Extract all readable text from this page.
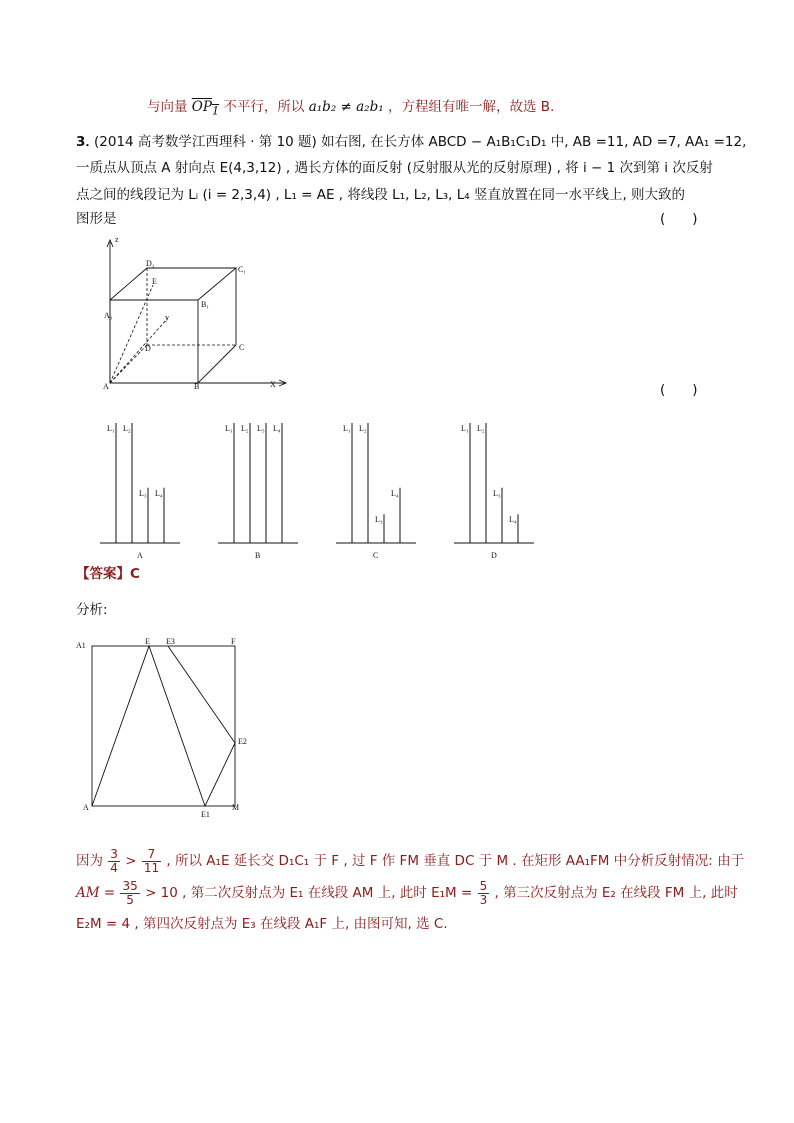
与向量 $OP_1$ 不平行，所以 a₁b₂ ≠ a₂b₁ ，方程组有唯一解，故选 B.
3．
(2014 高考数学江西理科 · 第 10 题) 如右图, 在长方体 ABCD − A₁B₁C₁D₁ 中, AB =11, AD =7, AA₁ =12,
一质点从顶点 A 射向点 E(4,3,12) , 遇长方体的面反射 (反射服从光的反射原理) , 将 i − 1 次到第 i 次反射
点之间的线段记为 Lᵢ (i = 2,3,4) , L₁ = AE , 将线段 L₁, L₂, L₃, L₄ 竖直放置在同一水平线上, 则大致的
图形是	(　　)
(　　)
z
y
X
A	B
C
D
E
A₁
B₁
C₁
D₁
L₁ L₂
L₃ L₄
A
L₁ L₂ L₃ L₄
B
L₁ L₂
L₃
L₄
C
L₁ L₂
L₃
L₄
D
【答案】C
分析:
A1	E E3	F
E2
A
E1
M
因为 $\frac{3}{4} > \frac{7}{11}$ , 所以 A₁E 延长交 D₁C₁ 于 F , 过 F 作 FM 垂直 DC 于 M . 在矩形 AA₁FM 中分析反射情况: 由于
AM = $\frac{35}{5} > 10$ , 第二次反射点为 E₁ 在线段 AM 上, 此时 $E_1M = \frac{5}{3}$ , 第三次反射点为 E₂ 在线段 FM 上, 此时
E₂M = 4 , 第四次反射点为 E₃ 在线段 A₁F 上, 由图可知, 选 C.
